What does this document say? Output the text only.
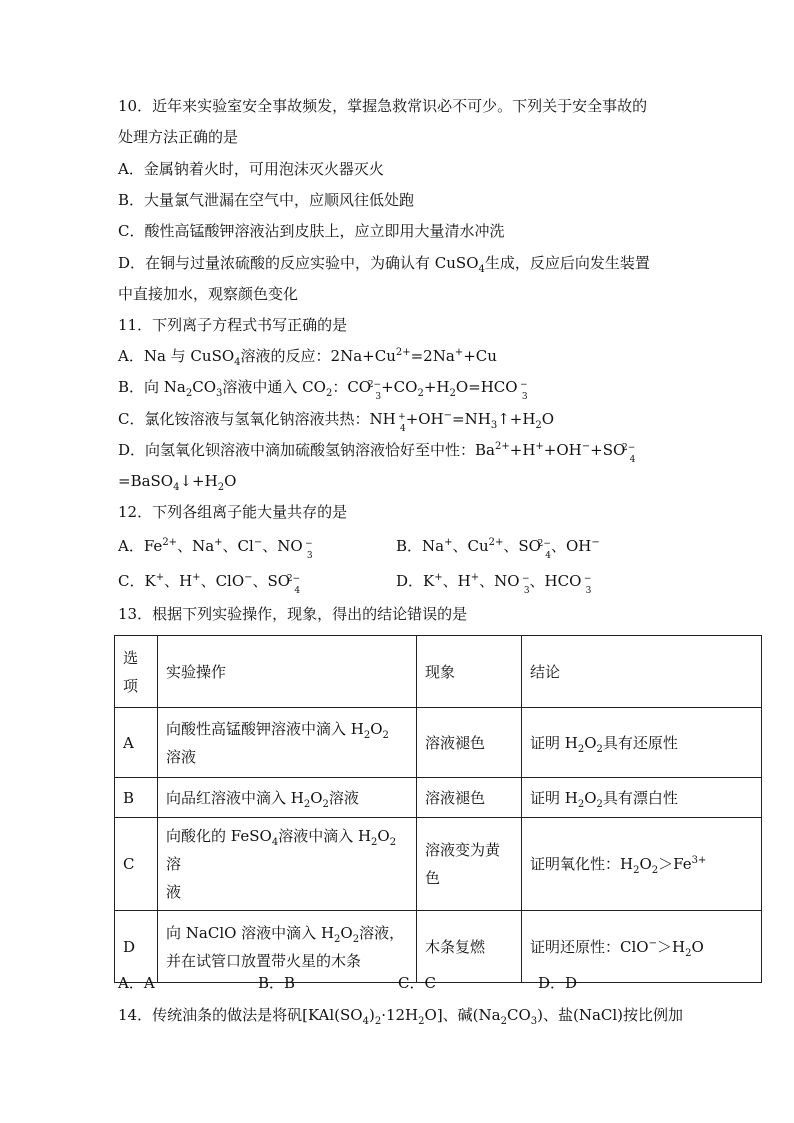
10．近年来实验室安全事故频发，掌握急救常识必不可少。下列关于安全事故的
处理方法正确的是
A．金属钠着火时，可用泡沫灭火器灭火
B．大量氯气泄漏在空气中，应顺风往低处跑
C．酸性高锰酸钾溶液沾到皮肤上，应立即用大量清水冲洗
D．在铜与过量浓硫酸的反应实验中，为确认有 CuSO$_4$生成，反应后向发生装置
中直接加水，观察颜色变化
11．下列离子方程式书写正确的是
A．Na 与 CuSO$_4$溶液的反应：$2Na+Cu^{2+}=2Na^++Cu$
B．向 $Na_2CO_3$溶液中通入 $CO_2$：CO
2−
3
$+CO_2+H_2O=HCO$ −
3
C．氯化铵溶液与氢氧化钠溶液共热：NH +
4
$+OH^-=NH_3↑+H_2O$
D．向氢氧化钡溶液中滴加硫酸氢钠溶液恰好至中性：$Ba^{2+}+H^++OH^-+SO$
2−
4
$=BaSO_4↓+H_2O$
12．下列各组离子能大量共存的是
A．$Fe^{2+}$、Na+、Cl−、NO −
3
B．Na+、$Cu^{2+}$、SO
2−
4
、OH−
C．K+、H+、ClO−、SO
2−
4
D．K+、H+、NO −
3
、HCO −
3
13．根据下列实验操作，现象，得出的结论错误的是
选项	实验操作	现象	结论
A	向酸性高锰酸钾溶液中滴入 $H_2O_2$
溶液	溶液褪色	证明 $H_2O_2$具有还原性
B	向品红溶液中滴入 $H_2O_2$溶液	溶液褪色	证明 $H_2O_2$具有漂白性
C	向酸化的 FeSO$_4$溶液中滴入 $H_2O_2$溶
液	溶液变为黄
色	证明氧化性：$H_2O_2>Fe^{3+}$
D	向 NaClO 溶液中滴入 $H_2O_2$溶液，
并在试管口放置带火星的木条	木条复燃	证明还原性：$ClO^->H_2O$
A．A	B．B	C．C	D．D
14．传统油条的做法是将矾$[KAl(SO_4)_2\cdot 12H_2O]$、碱$(Na_2CO_3)$、盐(NaCl)按比例加
